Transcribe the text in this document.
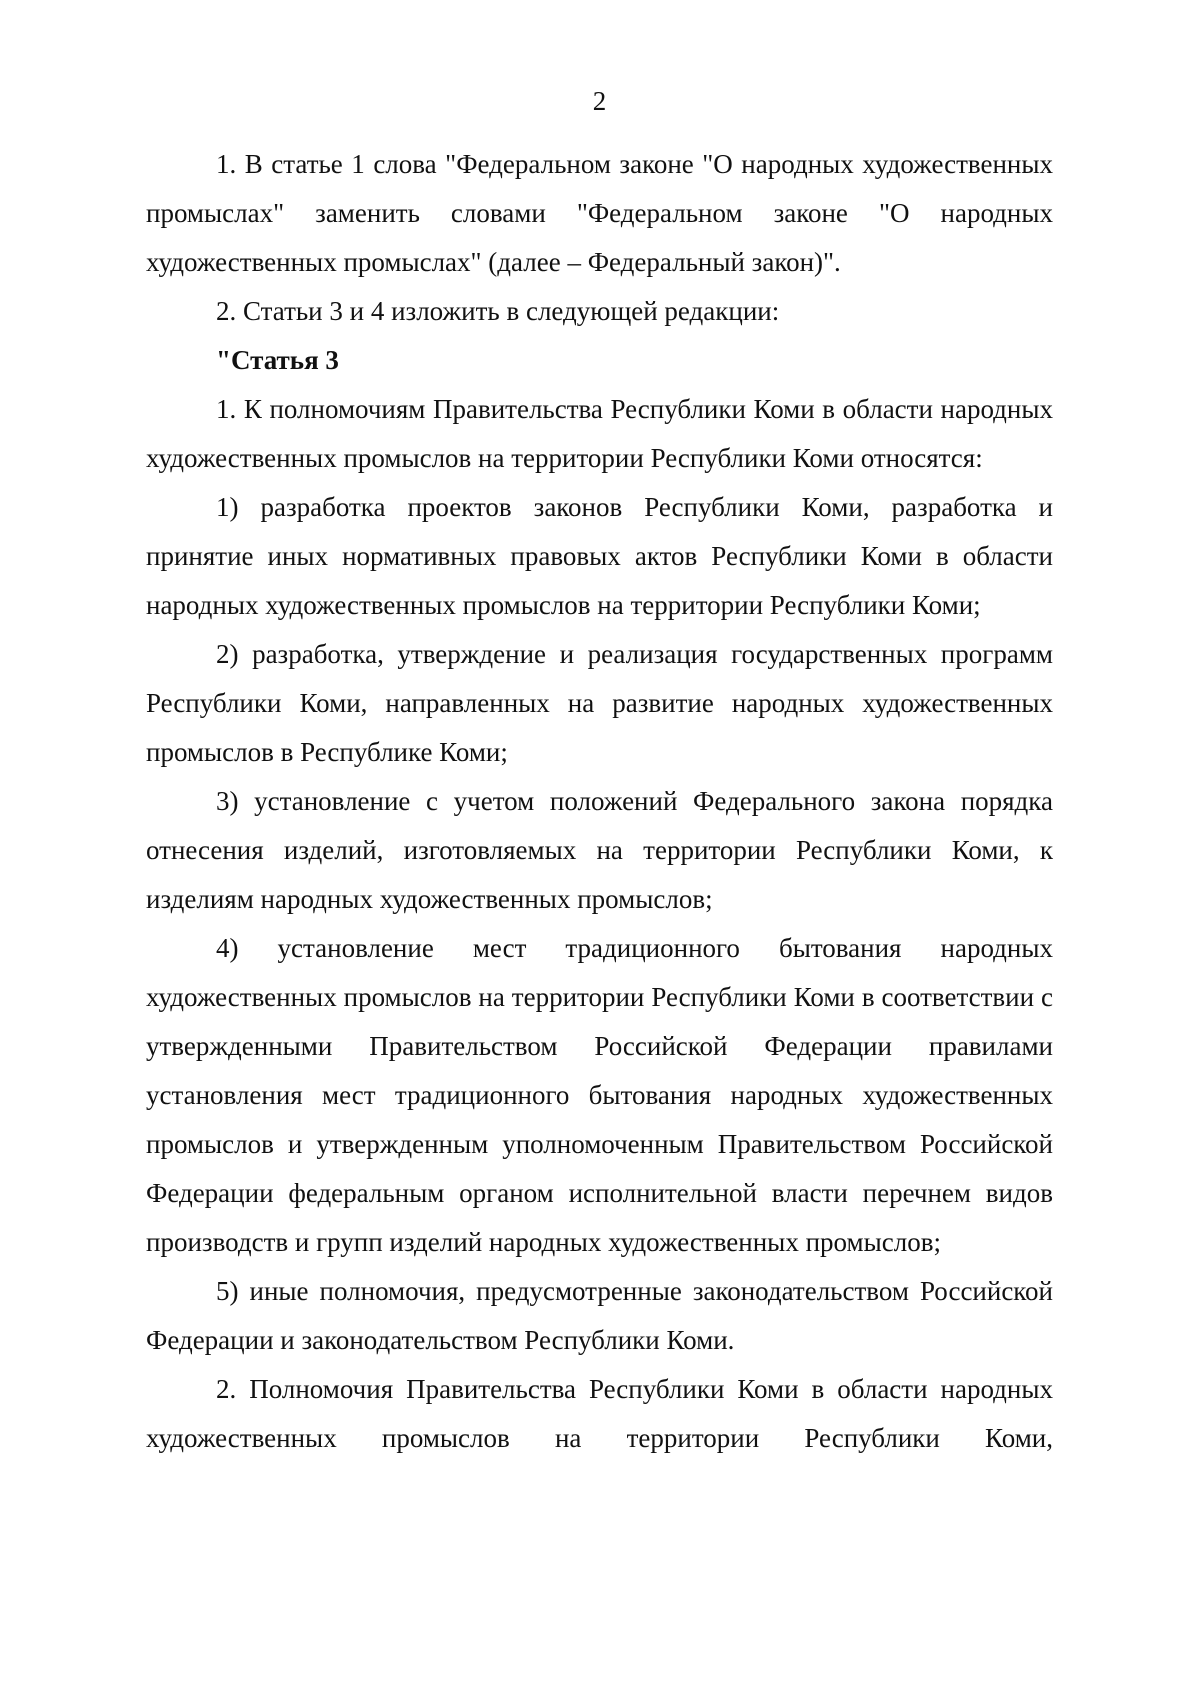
2

1. В статье 1 слова "Федеральном законе "О народных художественных промыслах" заменить словами "Федеральном законе "О народных художественных промыслах" (далее – Федеральный закон)".

2. Статьи 3 и 4 изложить в следующей редакции:

"Статья 3

1. К полномочиям Правительства Республики Коми в области народных художественных промыслов на территории Республики Коми относятся:

1) разработка проектов законов Республики Коми, разработка и принятие иных нормативных правовых актов Республики Коми в области народных художественных промыслов на территории Республики Коми;

2) разработка, утверждение и реализация государственных программ Республики Коми, направленных на развитие народных художественных промыслов в Республике Коми;

3) установление с учетом положений Федерального закона порядка отнесения изделий, изготовляемых на территории Республики Коми, к изделиям народных художественных промыслов;

4) установление мест традиционного бытования народных художественных промыслов на территории Республики Коми в соответствии с утвержденными Правительством Российской Федерации правилами установления мест традиционного бытования народных художественных промыслов и утвержденным уполномоченным Правительством Российской Федерации федеральным органом исполнительной власти перечнем видов производств и групп изделий народных художественных промыслов;

5) иные полномочия, предусмотренные законодательством Российской Федерации и законодательством Республики Коми.

2. Полномочия Правительства Республики Коми в области народных художественных промыслов на территории Республики Коми,
